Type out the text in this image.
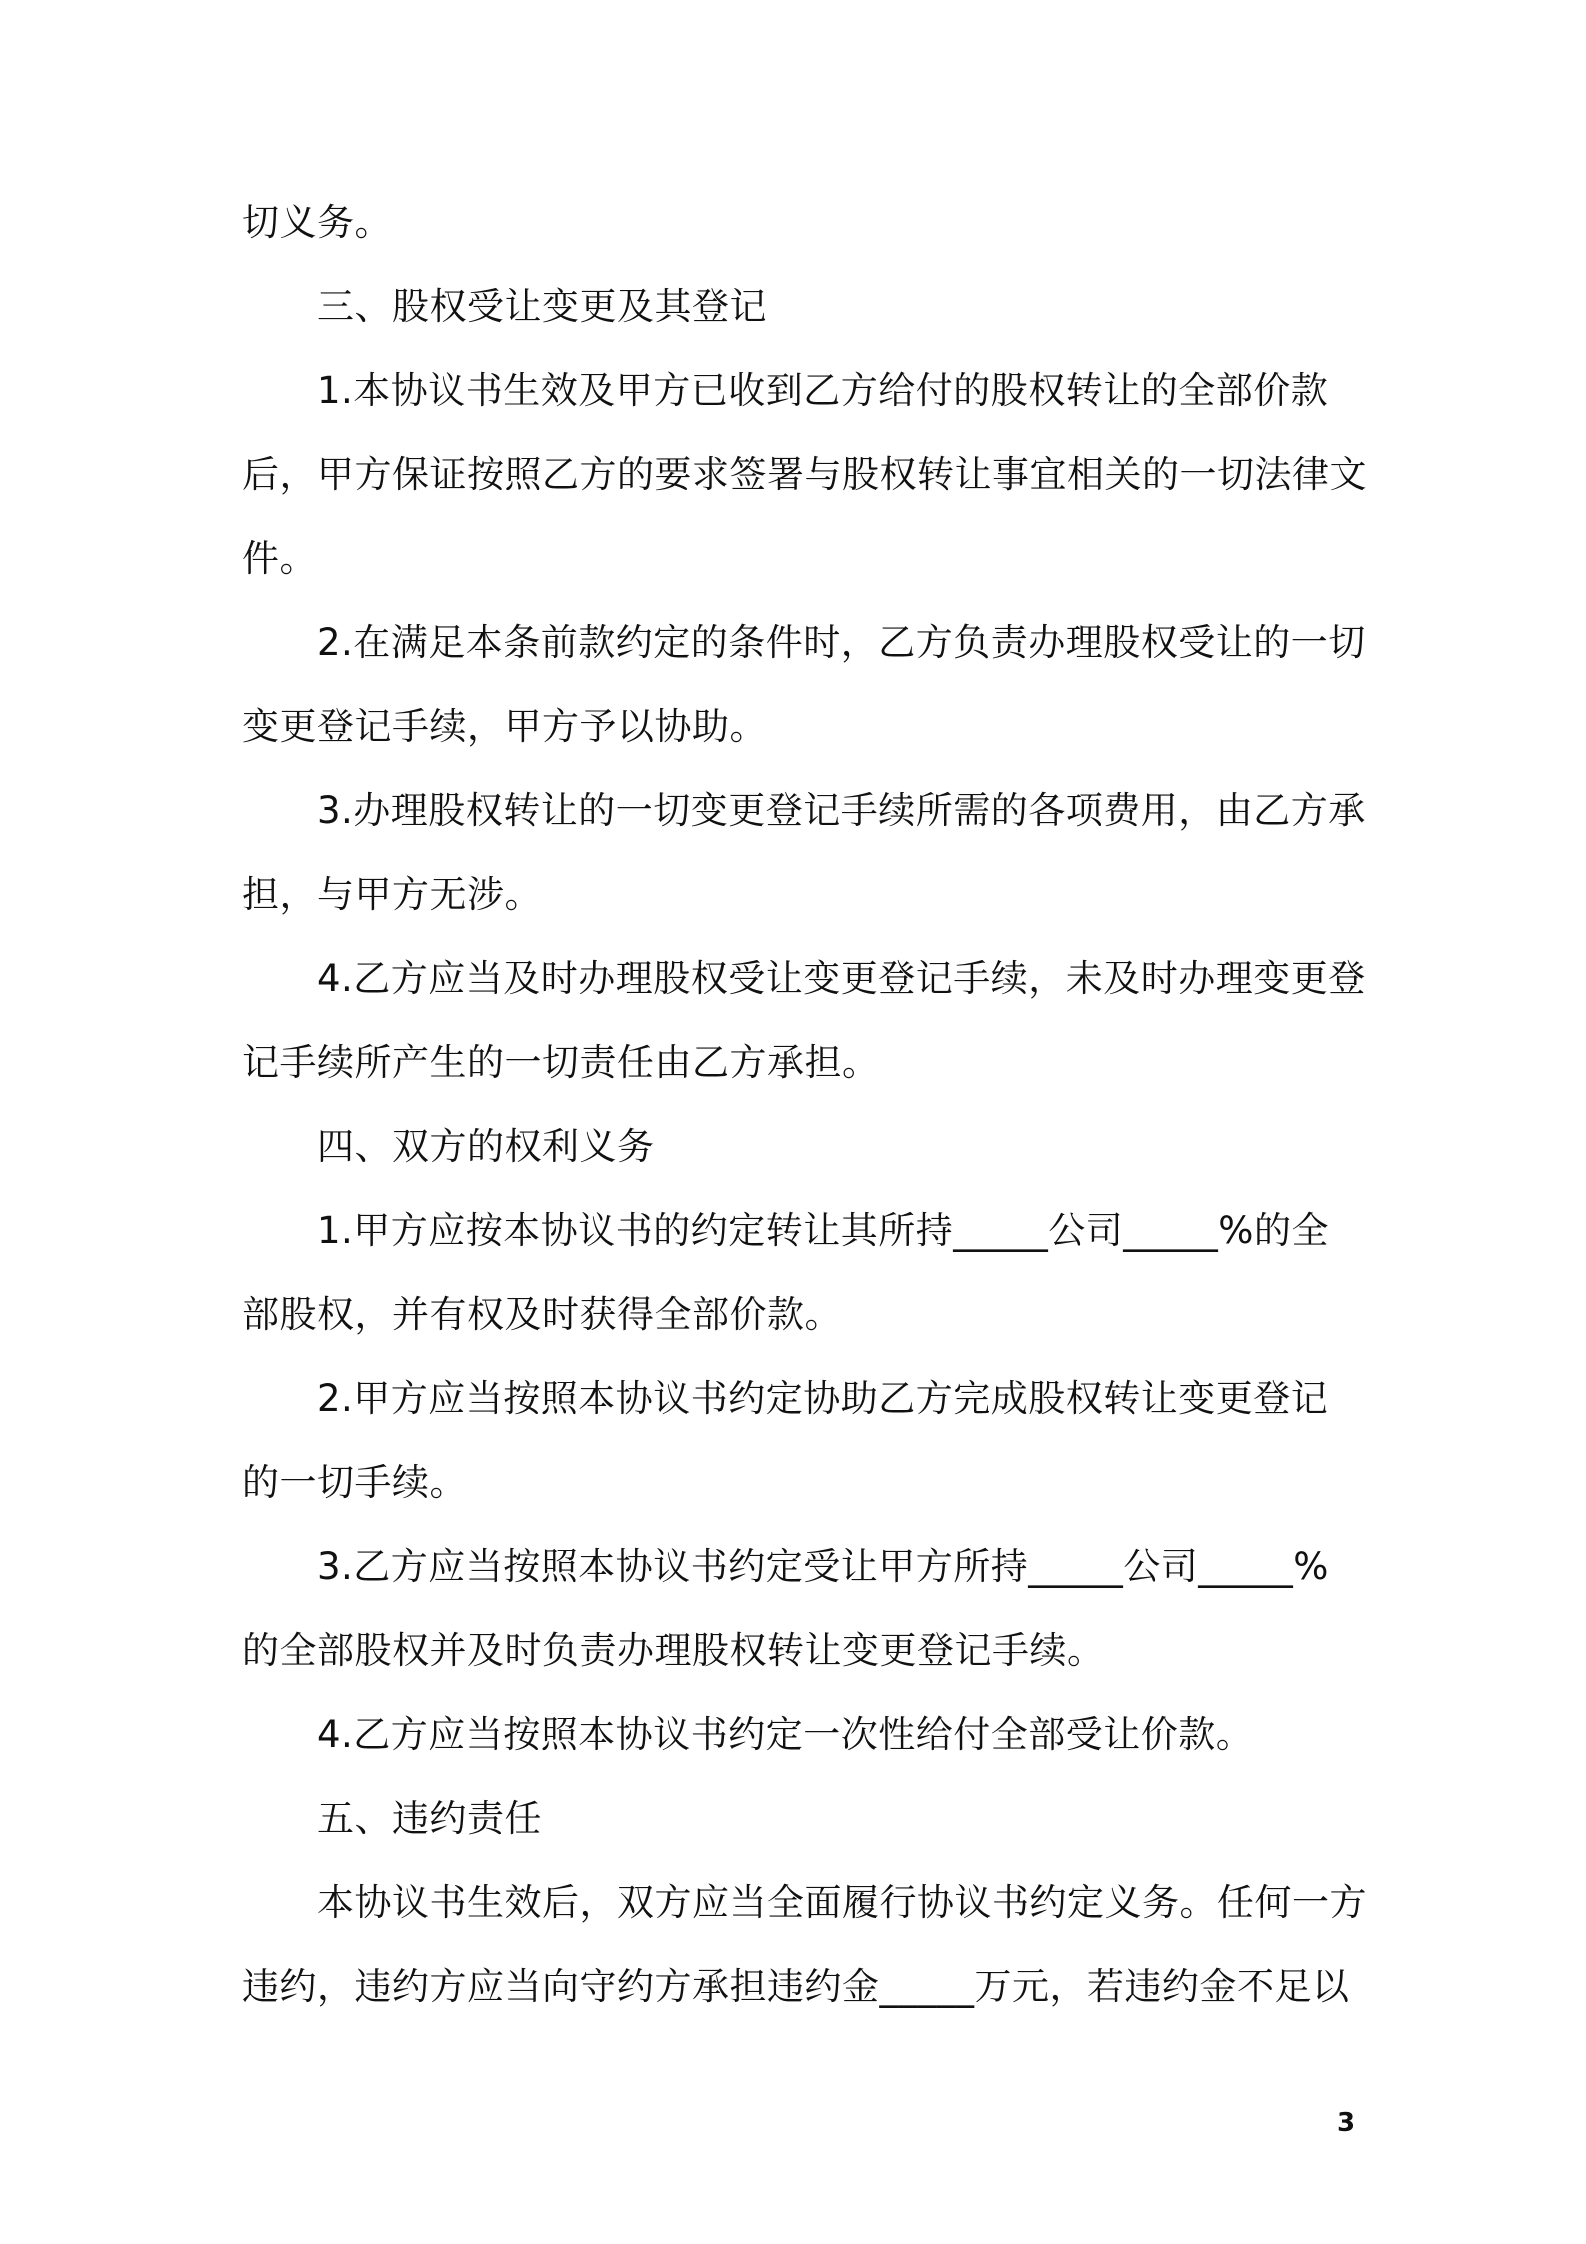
切义务。

三、股权受让变更及其登记

1.本协议书生效及甲方已收到乙方给付的股权转让的全部价款

后，甲方保证按照乙方的要求签署与股权转让事宜相关的一切法律文

件。

2.在满足本条前款约定的条件时，乙方负责办理股权受让的一切

变更登记手续，甲方予以协助。

3.办理股权转让的一切变更登记手续所需的各项费用，由乙方承

担，与甲方无涉。

4.乙方应当及时办理股权受让变更登记手续，未及时办理变更登

记手续所产生的一切责任由乙方承担。

四、双方的权利义务

1.甲方应按本协议书的约定转让其所持_____公司_____%的全

部股权，并有权及时获得全部价款。

2.甲方应当按照本协议书约定协助乙方完成股权转让变更登记

的一切手续。

3.乙方应当按照本协议书约定受让甲方所持_____公司_____%

的全部股权并及时负责办理股权转让变更登记手续。

4.乙方应当按照本协议书约定一次性给付全部受让价款。

五、违约责任

本协议书生效后，双方应当全面履行协议书约定义务。任何一方

违约，违约方应当向守约方承担违约金_____万元，若违约金不足以

3
